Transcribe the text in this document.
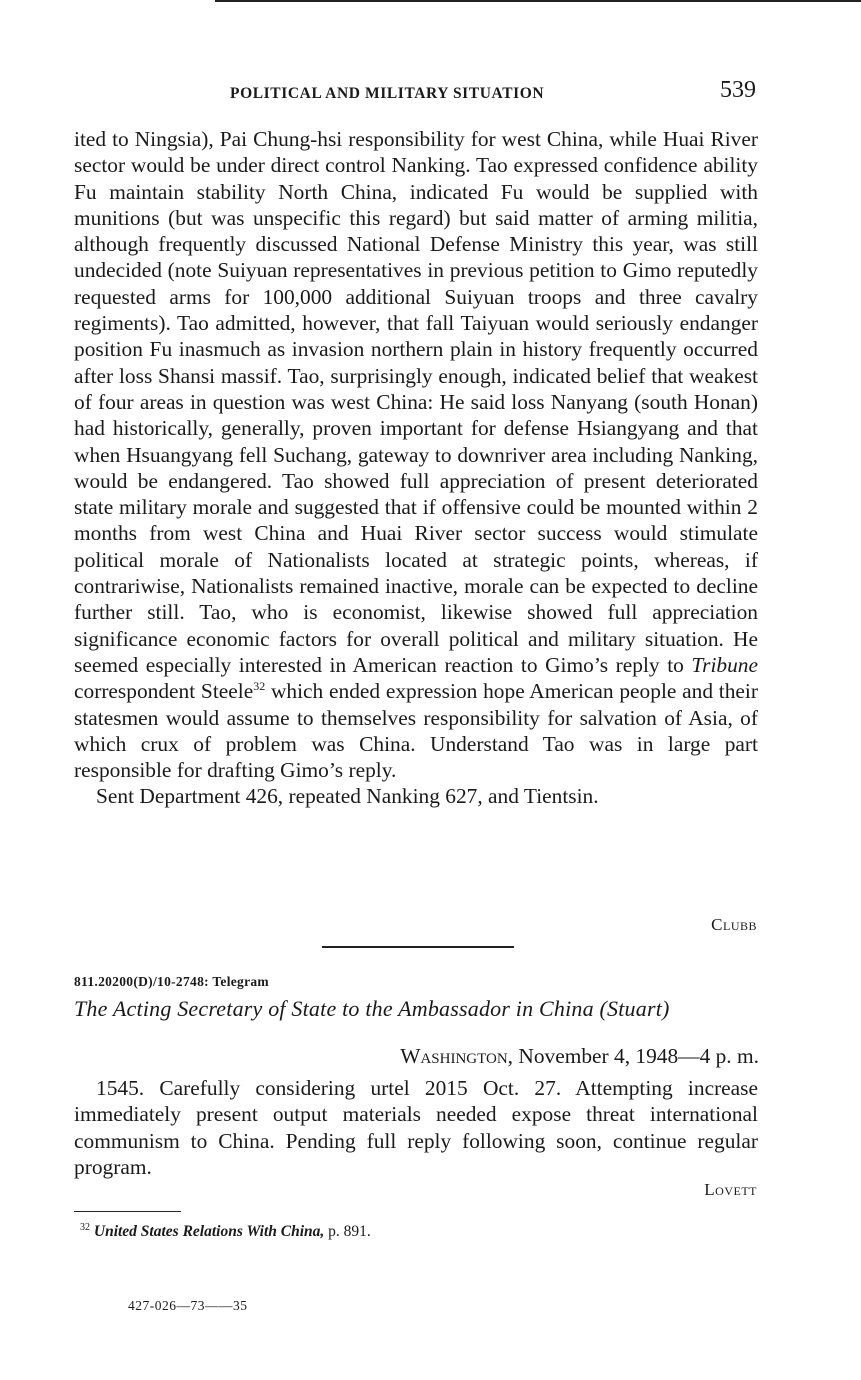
POLITICAL AND MILITARY SITUATION	539

ited to Ningsia), Pai Chung-hsi responsibility for west China, while Huai River sector would be under direct control Nanking. Tao expressed confidence ability Fu maintain stability North China, indicated Fu would be supplied with munitions (but was unspecific this regard) but said matter of arming militia, although frequently discussed National Defense Ministry this year, was still undecided (note Suiyuan representatives in previous petition to Gimo reputedly requested arms for 100,000 additional Suiyuan troops and three cavalry regiments). Tao admitted, however, that fall Taiyuan would seriously endanger position Fu inasmuch as invasion northern plain in history frequently occurred after loss Shansi massif. Tao, surprisingly enough, indicated belief that weakest of four areas in question was west China: He said loss Nanyang (south Honan) had historically, generally, proven important for defense Hsiangyang and that when Hsuangyang fell Suchang, gateway to downriver area including Nanking, would be endangered. Tao showed full appreciation of present deteriorated state military morale and suggested that if offensive could be mounted within 2 months from west China and Huai River sector success would stimulate political morale of Nationalists located at strategic points, whereas, if contrariwise, Nationalists remained inactive, morale can be expected to decline further still. Tao, who is economist, likewise showed full appreciation significance economic factors for overall political and military situation. He seemed especially interested in American reaction to Gimo’s reply to Tribune correspondent Steele$^{32}$ which ended expression hope American people and their statesmen would assume to themselves responsibility for salvation of Asia, of which crux of problem was China. Understand Tao was in large part responsible for drafting Gimo’s reply.

Sent Department 426, repeated Nanking 627, and Tientsin.

Clubb
811.20200(D)/10-2748: Telegram
The Acting Secretary of State to the Ambassador in China (Stuart)
Washington, November 4, 1948—4 p. m.

1545. Carefully considering urtel 2015 Oct. 27. Attempting increase immediately present output materials needed expose threat international communism to China. Pending full reply following soon, continue regular program.

Lovett
$^{32}$ United States Relations With China, p. 891.
427-026—73——35
